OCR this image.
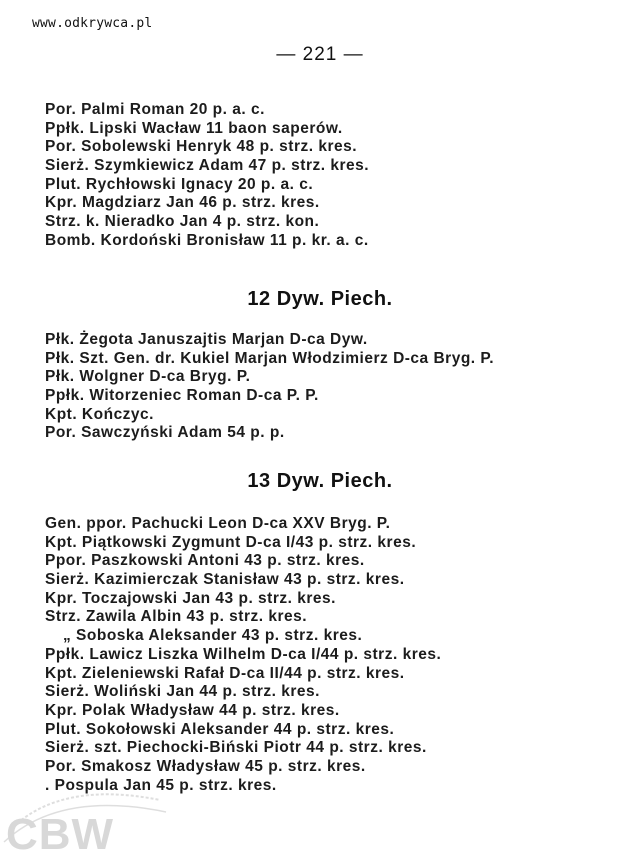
www.odkrywca.pl
— 221 —
Por. Palmi Roman 20 p. a. c.
Ppłk. Lipski Wacław 11 baon saperów.
Por. Sobolewski Henryk 48 p. strz. kres.
Sierż. Szymkiewicz Adam 47 p. strz. kres.
Plut. Rychłowski Ignacy 20 p. a. c.
Kpr. Magdziarz Jan 46 p. strz. kres.
Strz. k. Nieradko Jan 4 p. strz. kon.
Bomb. Kordoński Bronisław 11 p. kr. a. c.
12 Dyw. Piech.
Płk. Żegota Januszajtis Marjan D-ca Dyw.
Płk. Szt. Gen. dr. Kukiel Marjan Włodzimierz D-ca Bryg. P.
Płk. Wolgner D-ca Bryg. P.
Ppłk. Witorzeniec Roman D-ca P. P.
Kpt. Kończyc.
Por. Sawczyński Adam 54 p. p.
13 Dyw. Piech.
Gen. ppor. Pachucki Leon D-ca XXV Bryg. P.
Kpt. Piątkowski Zygmunt D-ca I/43 p. strz. kres.
Ppor. Paszkowski Antoni 43 p. strz. kres.
Sierż. Kazimierczak Stanisław 43 p. strz. kres.
Kpr. Toczajowski Jan 43 p. strz. kres.
Strz. Zawila Albin 43 p. strz. kres.
„ Soboska Aleksander 43 p. strz. kres.
Ppłk. Lawicz Liszka Wilhelm D-ca I/44 p. strz. kres.
Kpt. Zieleniewski Rafał D-ca II/44 p. strz. kres.
Sierż. Woliński Jan 44 p. strz. kres.
Kpr. Polak Władysław 44 p. strz. kres.
Plut. Sokołowski Aleksander 44 p. strz. kres.
Sierż. szt. Piechocki-Biński Piotr 44 p. strz. kres.
Por. Smakosz Władysław 45 p. strz. kres.
. Pospula Jan 45 p. strz. kres.
CBW
